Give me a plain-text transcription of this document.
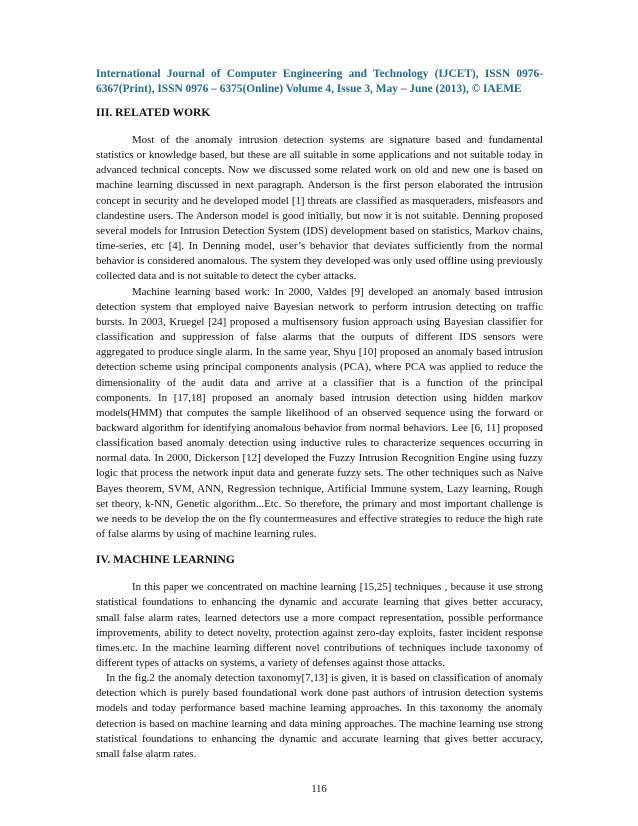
International Journal of Computer Engineering and Technology (IJCET), ISSN 0976-6367(Print), ISSN 0976 – 6375(Online) Volume 4, Issue 3, May – June (2013), © IAEME
III. RELATED WORK

Most of the anomaly intrusion detection systems are signature based and fundamental statistics or knowledge based, but these are all suitable in some applications and not suitable today in advanced technical concepts. Now we discussed some related work on old and new one is based on machine learning discussed in next paragraph. Anderson is the first person elaborated the intrusion concept in security and he developed model [1] threats are classified as masqueraders, misfeasors and clandestine users. The Anderson model is good initially, but now it is not suitable. Denning proposed several models for Intrusion Detection System (IDS) development based on statistics, Markov chains, time-series, etc [4]. In Denning model, user’s behavior that deviates sufficiently from the normal behavior is considered anomalous. The system they developed was only used offline using previously collected data and is not suitable to detect the cyber attacks.

Machine learning based work: In 2000, Valdes [9] developed an anomaly based intrusion detection system that employed naive Bayesian network to perform intrusion detecting on traffic bursts. In 2003, Kruegel [24] proposed a multisensory fusion approach using Bayesian classifier for classification and suppression of false alarms that the outputs of different IDS sensors were aggregated to produce single alarm. In the same year, Shyu [10] proposed an anomaly based intrusion detection scheme using principal components analysis (PCA), where PCA was applied to reduce the dimensionality of the audit data and arrive at a classifier that is a function of the principal components. In [17,18] proposed an anomaly based intrusion detection using hidden markov models(HMM) that computes the sample likelihood of an observed sequence using the forward or backward algorithm for identifying anomalous behavior from normal behaviors. Lee [6, 11] proposed classification based anomaly detection using inductive rules to characterize sequences occurring in normal data. In 2000, Dickerson [12] developed the Fuzzy Intrusion Recognition Engine using fuzzy logic that process the network input data and generate fuzzy sets. The other techniques such as Naive Bayes theorem, SVM, ANN, Regression technique, Artificial Immune system, Lazy learning, Rough set theory, k-NN, Genetic algorithm...Etc. So therefore, the primary and most important challenge is we needs to be develop the on the fly countermeasures and effective strategies to reduce the high rate of false alarms by using of machine learning rules.

IV. MACHINE LEARNING

In this paper we concentrated on machine learning [15,25] techniques , because it use strong statistical foundations to enhancing the dynamic and accurate learning that gives better accuracy, small false alarm rates, learned detectors use a more compact representation, possible performance improvements, ability to detect novelty, protection against zero-day exploits, faster incident response times.etc. In the machine learning different novel contributions of techniques include taxonomy of different types of attacks on systems, a variety of defenses against those attacks.

In the fig.2 the anomaly detection taxonomy[7,13] is given, it is based on classification of anomaly detection which is purely based foundational work done past authors of intrusion detection systems models and today performance based machine learning approaches. In this taxonomy the anomaly detection is based on machine learning and data mining approaches. The machine learning use strong statistical foundations to enhancing the dynamic and accurate learning that gives better accuracy, small false alarm rates.

116
